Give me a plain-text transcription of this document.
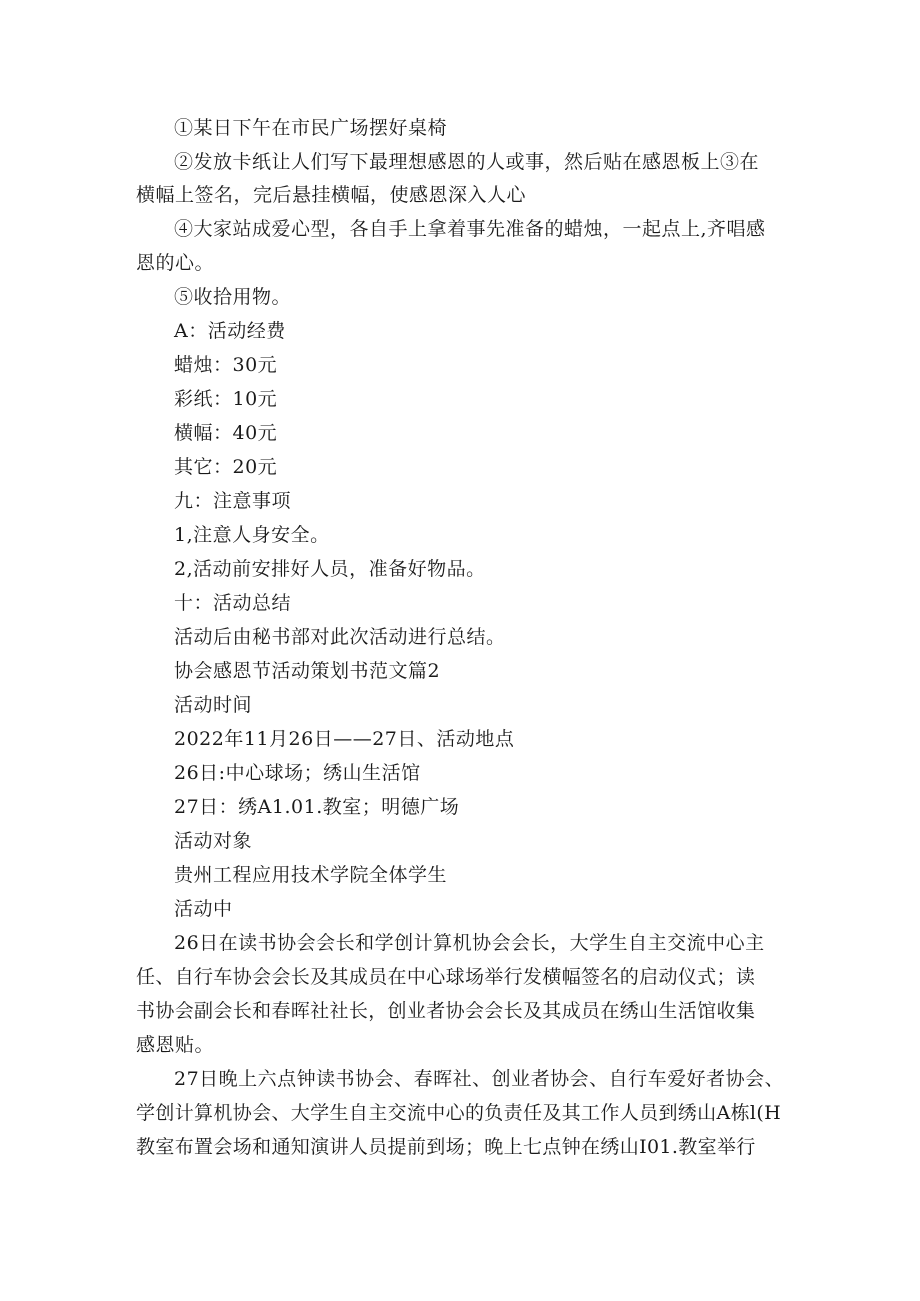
①某日下午在市民广场摆好桌椅
②发放卡纸让人们写下最理想感恩的人或事，然后贴在感恩板上③在
横幅上签名，完后悬挂横幅，使感恩深入人心
④大家站成爱心型，各自手上拿着事先准备的蜡烛，一起点上,齐唱感
恩的心。
⑤收拾用物。
A：活动经费
蜡烛：30元
彩纸：10元
横幅：40元
其它：20元
九：注意事项
1,注意人身安全。
2,活动前安排好人员，准备好物品。
十：活动总结
活动后由秘书部对此次活动进行总结。
协会感恩节活动策划书范文篇2
活动时间
2022年11月26日——27日、活动地点
26日:中心球场；绣山生活馆
27日：绣A1.01.教室；明德广场
活动对象
贵州工程应用技术学院全体学生
活动中
26日在读书协会会长和学创计算机协会会长，大学生自主交流中心主
任、自行车协会会长及其成员在中心球场举行发横幅签名的启动仪式；读
书协会副会长和春晖社社长，创业者协会会长及其成员在绣山生活馆收集
感恩贴。
27日晚上六点钟读书协会、春晖社、创业者协会、自行车爱好者协会、
学创计算机协会、大学生自主交流中心的负责任及其工作人员到绣山A栋l(H
教室布置会场和通知演讲人员提前到场；晚上七点钟在绣山I01.教室举行
